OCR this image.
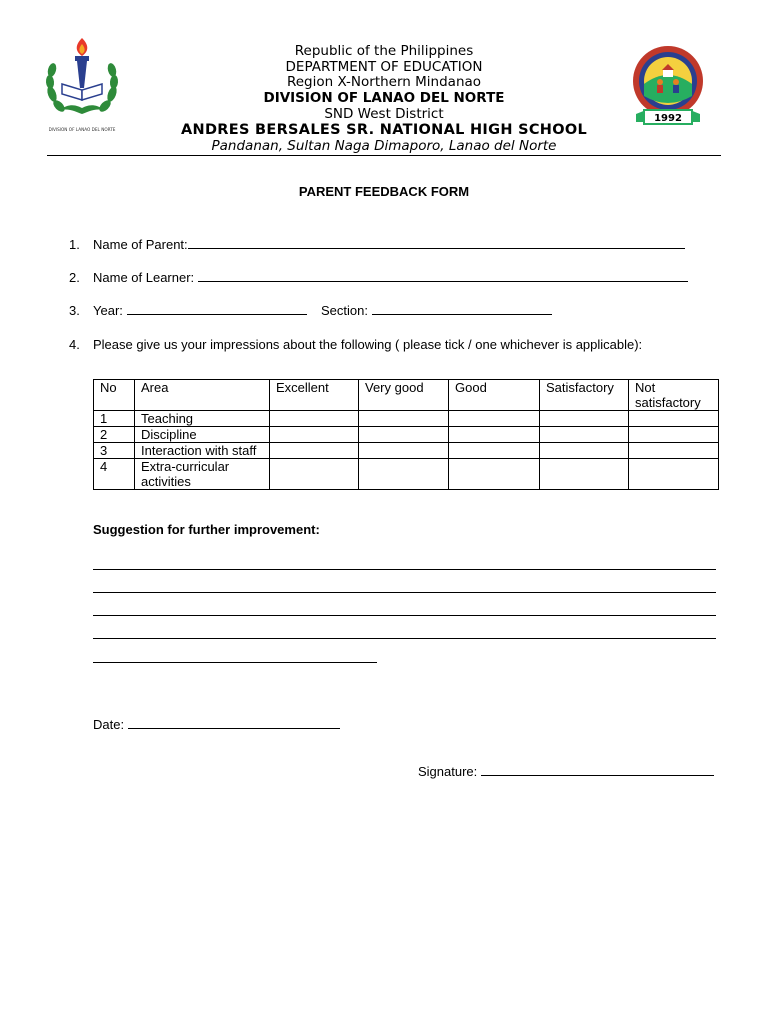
DIVISION OF LANAO DEL NORTE
1992
Republic of the Philippines
DEPARTMENT OF EDUCATION
Region X-Northern Mindanao
DIVISION OF LANAO DEL NORTE
SND West District
ANDRES BERSALES SR. NATIONAL HIGH SCHOOL
Pandanan, Sultan Naga Dimaporo, Lanao del Norte
PARENT FEEDBACK FORM
1. Name of Parent:
2. Name of Learner:
3. Year:	Section:
4. Please give us your impressions about the following ( please tick / one whichever is applicable):
No	Area	Excellent	Very good	Good	Satisfactory	Not satisfactory
1	Teaching					
2	Discipline					
3	Interaction with staff					
4	Extra-curricular activities					
Suggestion for further improvement:
Date:
Signature:
